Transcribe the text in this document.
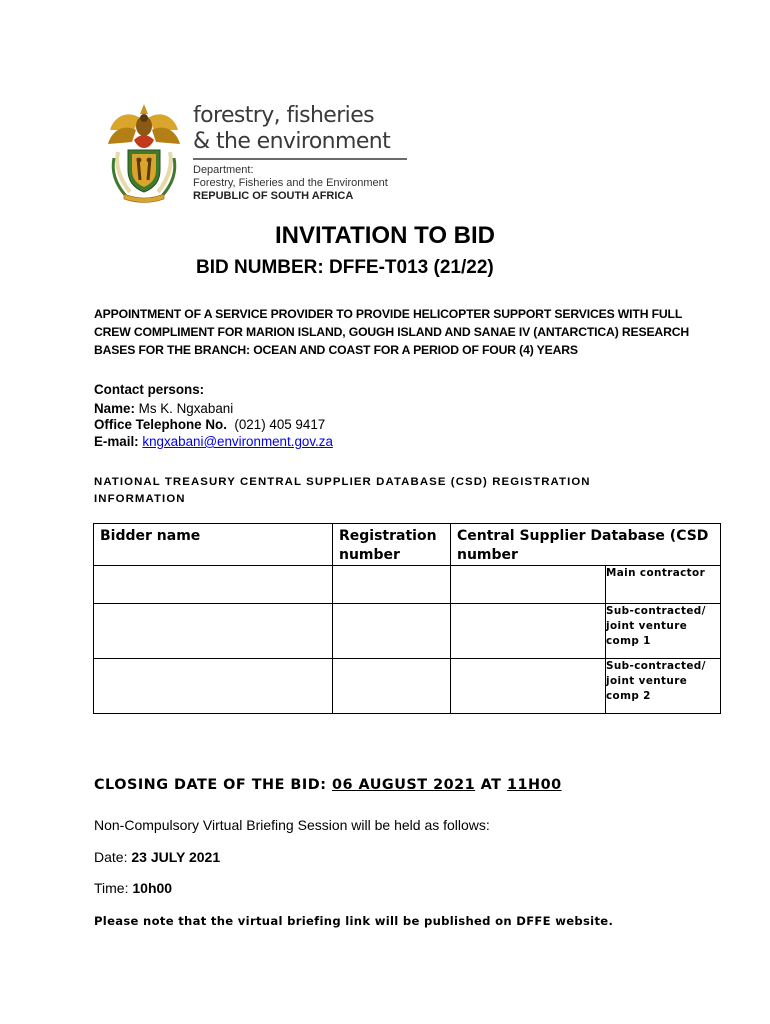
forestry, fisheries
& the environment
Department:
Forestry, Fisheries and the Environment
REPUBLIC OF SOUTH AFRICA
INVITATION TO BID
BID NUMBER: DFFE-T013 (21/22)

APPOINTMENT OF A SERVICE PROVIDER TO PROVIDE HELICOPTER SUPPORT SERVICES WITH FULL

CREW COMPLIMENT FOR MARION ISLAND, GOUGH ISLAND AND SANAE IV (ANTARCTICA) RESEARCH

BASES FOR THE BRANCH: OCEAN AND COAST FOR A PERIOD OF FOUR (4) YEARS

Contact persons:
Name: Ms K. Ngxabani
Office Telephone No. (021) 405 9417
E-mail: kngxabani@environment.gov.za
NATIONAL TREASURY CENTRAL SUPPLIER DATABASE (CSD) REGISTRATION INFORMATION
Bidder name	Registration number	Central Supplier Database (CSD number	
			Main contractor
			Sub-contracted/ joint venture comp 1
			Sub-contracted/ joint venture comp 2
CLOSING DATE OF THE BID: 06 AUGUST 2021 AT 11H00
Non-Compulsory Virtual Briefing Session will be held as follows:
Date: 23 JULY 2021
Time: 10h00
Please note that the virtual briefing link will be published on DFFE website.
